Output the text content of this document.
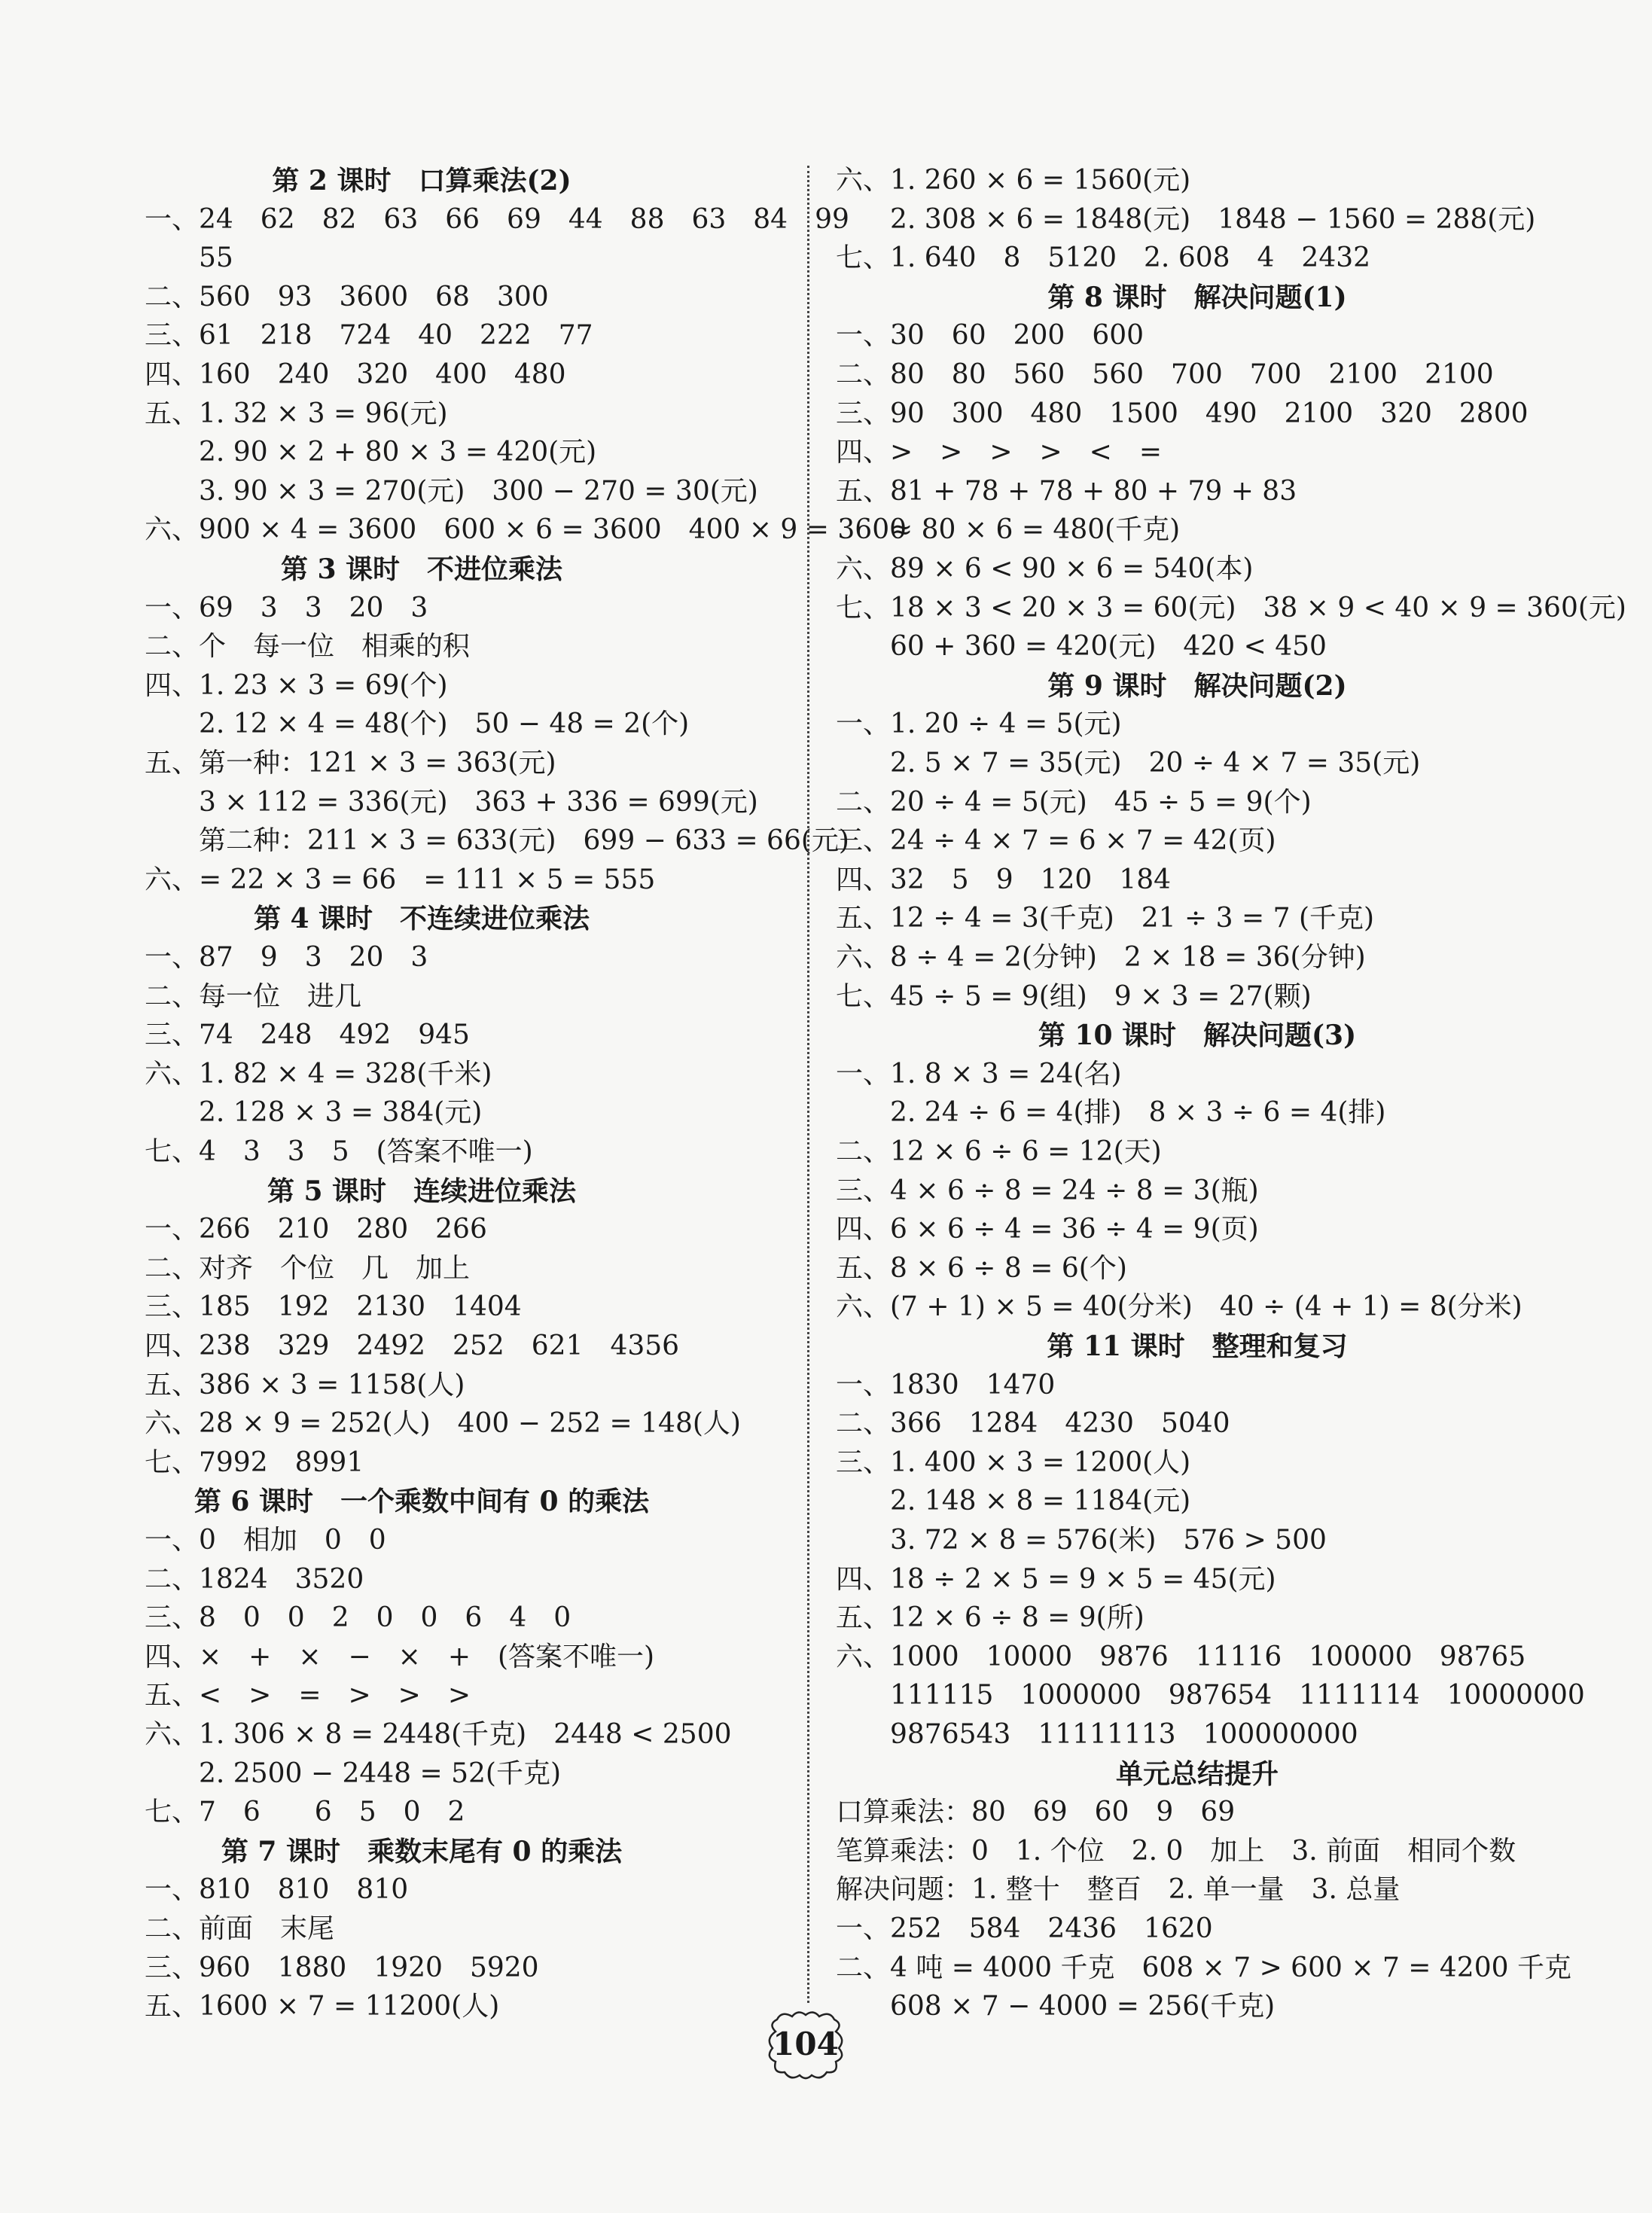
第 2 课时　口算乘法(2)
一、24　62　82　63　66　69　44　88　63　84　99
　　55
二、560　93　3600　68　300
三、61　218　724　40　222　77
四、160　240　320　400　480
五、1. 32 × 3 = 96(元)
　　2. 90 × 2 + 80 × 3 = 420(元)
　　3. 90 × 3 = 270(元)　300 − 270 = 30(元)
六、900 × 4 = 3600　600 × 6 = 3600　400 × 9 = 3600
第 3 课时　不进位乘法
一、69　3　3　20　3
二、个　每一位　相乘的积
四、1. 23 × 3 = 69(个)
　　2. 12 × 4 = 48(个)　50 − 48 = 2(个)
五、第一种：121 × 3 = 363(元)
　　3 × 112 = 336(元)　363 + 336 = 699(元)
　　第二种：211 × 3 = 633(元)　699 − 633 = 66(元)
六、= 22 × 3 = 66　= 111 × 5 = 555
第 4 课时　不连续进位乘法
一、87　9　3　20　3
二、每一位　进几
三、74　248　492　945
六、1. 82 × 4 = 328(千米)
　　2. 128 × 3 = 384(元)
七、4　3　3　5　(答案不唯一)
第 5 课时　连续进位乘法
一、266　210　280　266
二、对齐　个位　几　加上
三、185　192　2130　1404
四、238　329　2492　252　621　4356
五、386 × 3 = 1158(人)
六、28 × 9 = 252(人)　400 − 252 = 148(人)
七、7992　8991
第 6 课时　一个乘数中间有 0 的乘法
一、0　相加　0　0
二、1824　3520
三、8　0　0　2　0　0　6　4　0
四、×　+　×　−　×　+　(答案不唯一)
五、<　>　=　>　>　>
六、1. 306 × 8 = 2448(千克)　2448 < 2500
　　2. 2500 − 2448 = 52(千克)
七、7　6　　6　5　0　2
第 7 课时　乘数末尾有 0 的乘法
一、810　810　810
二、前面　末尾
三、960　1880　1920　5920
五、1600 × 7 = 11200(人)
六、1. 260 × 6 = 1560(元)
　　2. 308 × 6 = 1848(元)　1848 − 1560 = 288(元)
七、1. 640　8　5120　2. 608　4　2432
第 8 课时　解决问题(1)
一、30　60　200　600
二、80　80　560　560　700　700　2100　2100
三、90　300　480　1500　490　2100　320　2800
四、>　>　>　>　<　=
五、81 + 78 + 78 + 80 + 79 + 83
　　≈ 80 × 6 = 480(千克)
六、89 × 6 < 90 × 6 = 540(本)
七、18 × 3 < 20 × 3 = 60(元)　38 × 9 < 40 × 9 = 360(元)
　　60 + 360 = 420(元)　420 < 450
第 9 课时　解决问题(2)
一、1. 20 ÷ 4 = 5(元)
　　2. 5 × 7 = 35(元)　20 ÷ 4 × 7 = 35(元)
二、20 ÷ 4 = 5(元)　45 ÷ 5 = 9(个)
三、24 ÷ 4 × 7 = 6 × 7 = 42(页)
四、32　5　9　120　184
五、12 ÷ 4 = 3(千克)　21 ÷ 3 = 7 (千克)
六、8 ÷ 4 = 2(分钟)　2 × 18 = 36(分钟)
七、45 ÷ 5 = 9(组)　9 × 3 = 27(颗)
第 10 课时　解决问题(3)
一、1. 8 × 3 = 24(名)
　　2. 24 ÷ 6 = 4(排)　8 × 3 ÷ 6 = 4(排)
二、12 × 6 ÷ 6 = 12(天)
三、4 × 6 ÷ 8 = 24 ÷ 8 = 3(瓶)
四、6 × 6 ÷ 4 = 36 ÷ 4 = 9(页)
五、8 × 6 ÷ 8 = 6(个)
六、(7 + 1) × 5 = 40(分米)　40 ÷ (4 + 1) = 8(分米)
第 11 课时　整理和复习
一、1830　1470
二、366　1284　4230　5040
三、1. 400 × 3 = 1200(人)
　　2. 148 × 8 = 1184(元)
　　3. 72 × 8 = 576(米)　576 > 500
四、18 ÷ 2 × 5 = 9 × 5 = 45(元)
五、12 × 6 ÷ 8 = 9(所)
六、1000　10000　9876　11116　100000　98765
　　111115　1000000　987654　1111114　10000000
　　9876543　11111113　100000000
单元总结提升
口算乘法：80　69　60　9　69
笔算乘法：0　1. 个位　2. 0　加上　3. 前面　相同个数
解决问题：1. 整十　整百　2. 单一量　3. 总量
一、252　584　2436　1620
二、4 吨 = 4000 千克　608 × 7 > 600 × 7 = 4200 千克
　　608 × 7 − 4000 = 256(千克)
104
